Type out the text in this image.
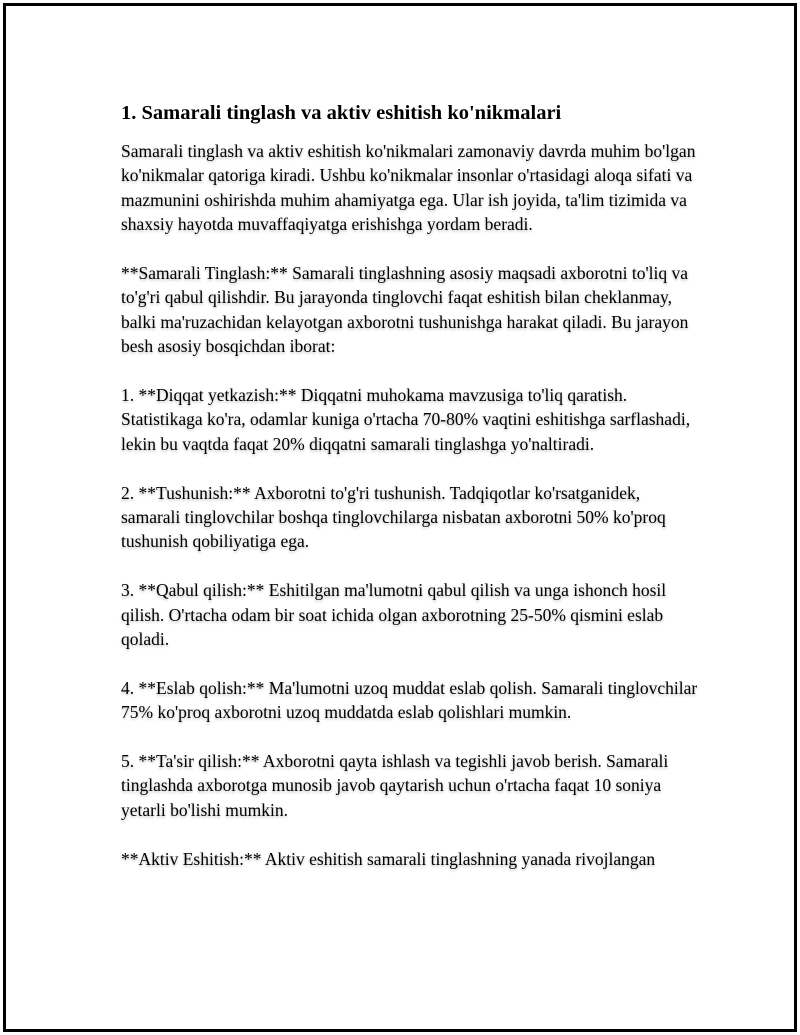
1. Samarali tinglash va aktiv eshitish ko'nikmalari

Samarali tinglash va aktiv eshitish ko'nikmalari zamonaviy davrda muhim bo'lgan ko'nikmalar qatoriga kiradi. Ushbu ko'nikmalar insonlar o'rtasidagi aloqa sifati va mazmunini oshirishda muhim ahamiyatga ega. Ular ish joyida, ta'lim tizimida va shaxsiy hayotda muvaffaqiyatga erishishga yordam beradi.

**Samarali Tinglash:** Samarali tinglashning asosiy maqsadi axborotni to'liq va to'g'ri qabul qilishdir. Bu jarayonda tinglovchi faqat eshitish bilan cheklanmay, balki ma'ruzachidan kelayotgan axborotni tushunishga harakat qiladi. Bu jarayon besh asosiy bosqichdan iborat:

1. **Diqqat yetkazish:** Diqqatni muhokama mavzusiga to'liq qaratish. Statistikaga ko'ra, odamlar kuniga o'rtacha 70-80% vaqtini eshitishga sarflashadi, lekin bu vaqtda faqat 20% diqqatni samarali tinglashga yo'naltiradi.

2. **Tushunish:** Axborotni to'g'ri tushunish. Tadqiqotlar ko'rsatganidek, samarali tinglovchilar boshqa tinglovchilarga nisbatan axborotni 50% ko'proq tushunish qobiliyatiga ega.

3. **Qabul qilish:** Eshitilgan ma'lumotni qabul qilish va unga ishonch hosil qilish. O'rtacha odam bir soat ichida olgan axborotning 25-50% qismini eslab qoladi.

4. **Eslab qolish:** Ma'lumotni uzoq muddat eslab qolish. Samarali tinglovchilar 75% ko'proq axborotni uzoq muddatda eslab qolishlari mumkin.

5. **Ta'sir qilish:** Axborotni qayta ishlash va tegishli javob berish. Samarali tinglashda axborotga munosib javob qaytarish uchun o'rtacha faqat 10 soniya yetarli bo'lishi mumkin.

**Aktiv Eshitish:** Aktiv eshitish samarali tinglashning yanada rivojlangan
